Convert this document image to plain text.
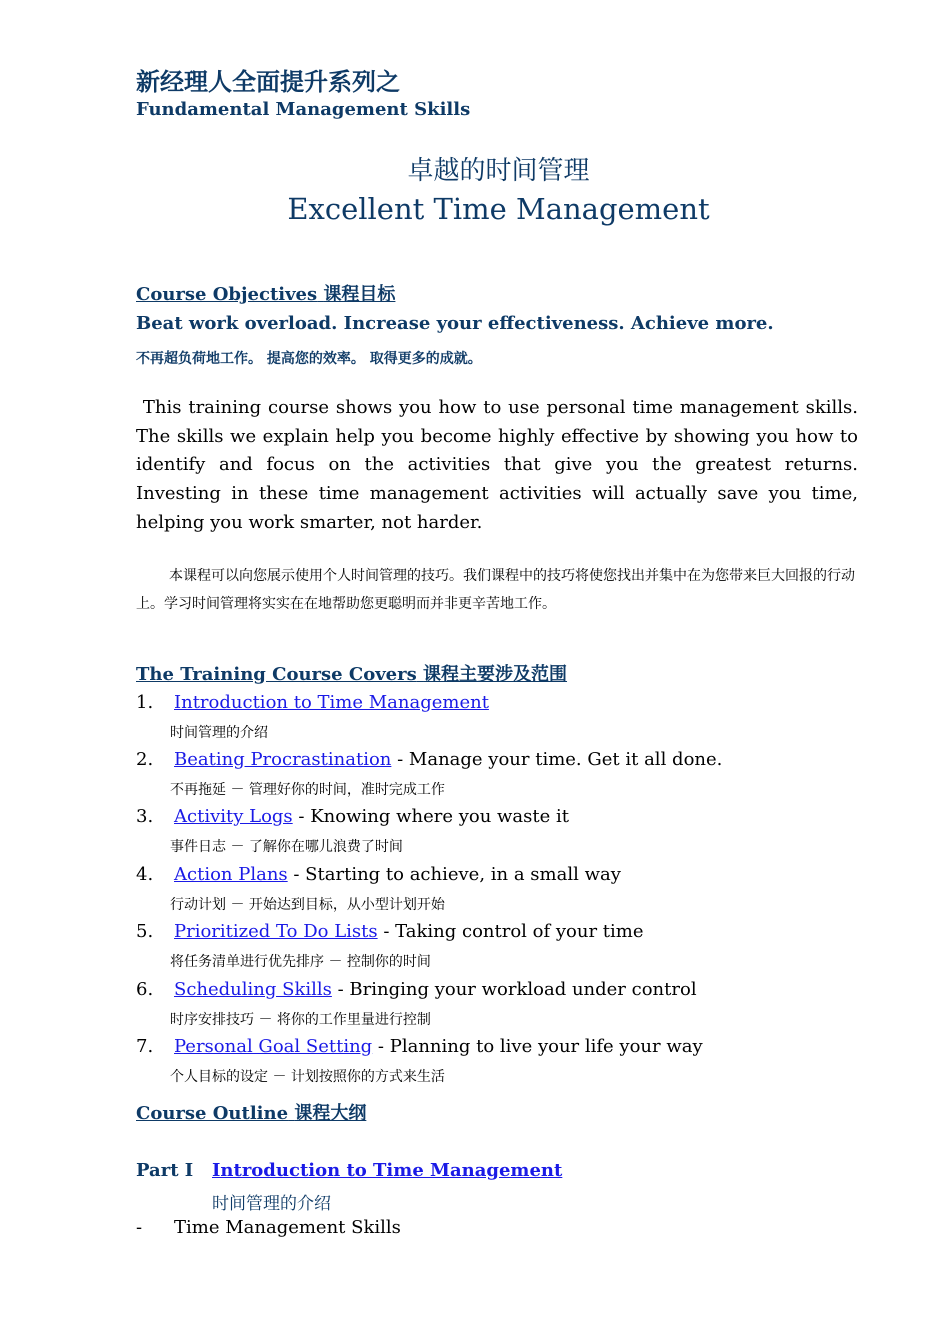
新经理人全面提升系列之
Fundamental Management Skills
卓越的时间管理
Excellent Time Management
Course Objectives 课程目标
Beat work overload. Increase your effectiveness. Achieve more.
不再超负荷地工作。 提高您的效率。 取得更多的成就。
This training course shows you how to use personal time management skills. The skills we explain help you become highly effective by showing you how to identify and focus on the activities that give you the greatest returns. Investing in these time management activities will actually save you time, helping you work smarter, not harder.
本课程可以向您展示使用个人时间管理的技巧。我们课程中的技巧将使您找出并集中在为您带来巨大回报的行动上。学习时间管理将实实在在地帮助您更聪明而并非更辛苦地工作。
The Training Course Covers 课程主要涉及范围
1. Introduction to Time Management
时间管理的介绍
2. Beating Procrastination - Manage your time. Get it all done.
不再拖延 － 管理好你的时间，准时完成工作
3. Activity Logs - Knowing where you waste it
事件日志 － 了解你在哪儿浪费了时间
4. Action Plans - Starting to achieve, in a small way
行动计划 － 开始达到目标，从小型计划开始
5. Prioritized To Do Lists - Taking control of your time
将任务清单进行优先排序 － 控制你的时间
6. Scheduling Skills - Bringing your workload under control
时序安排技巧 － 将你的工作里量进行控制
7. Personal Goal Setting - Planning to live your life your way
个人目标的设定 － 计划按照你的方式来生活
Course Outline 课程大纲
Part I Introduction to Time Management
时间管理的介绍
- Time Management Skills
